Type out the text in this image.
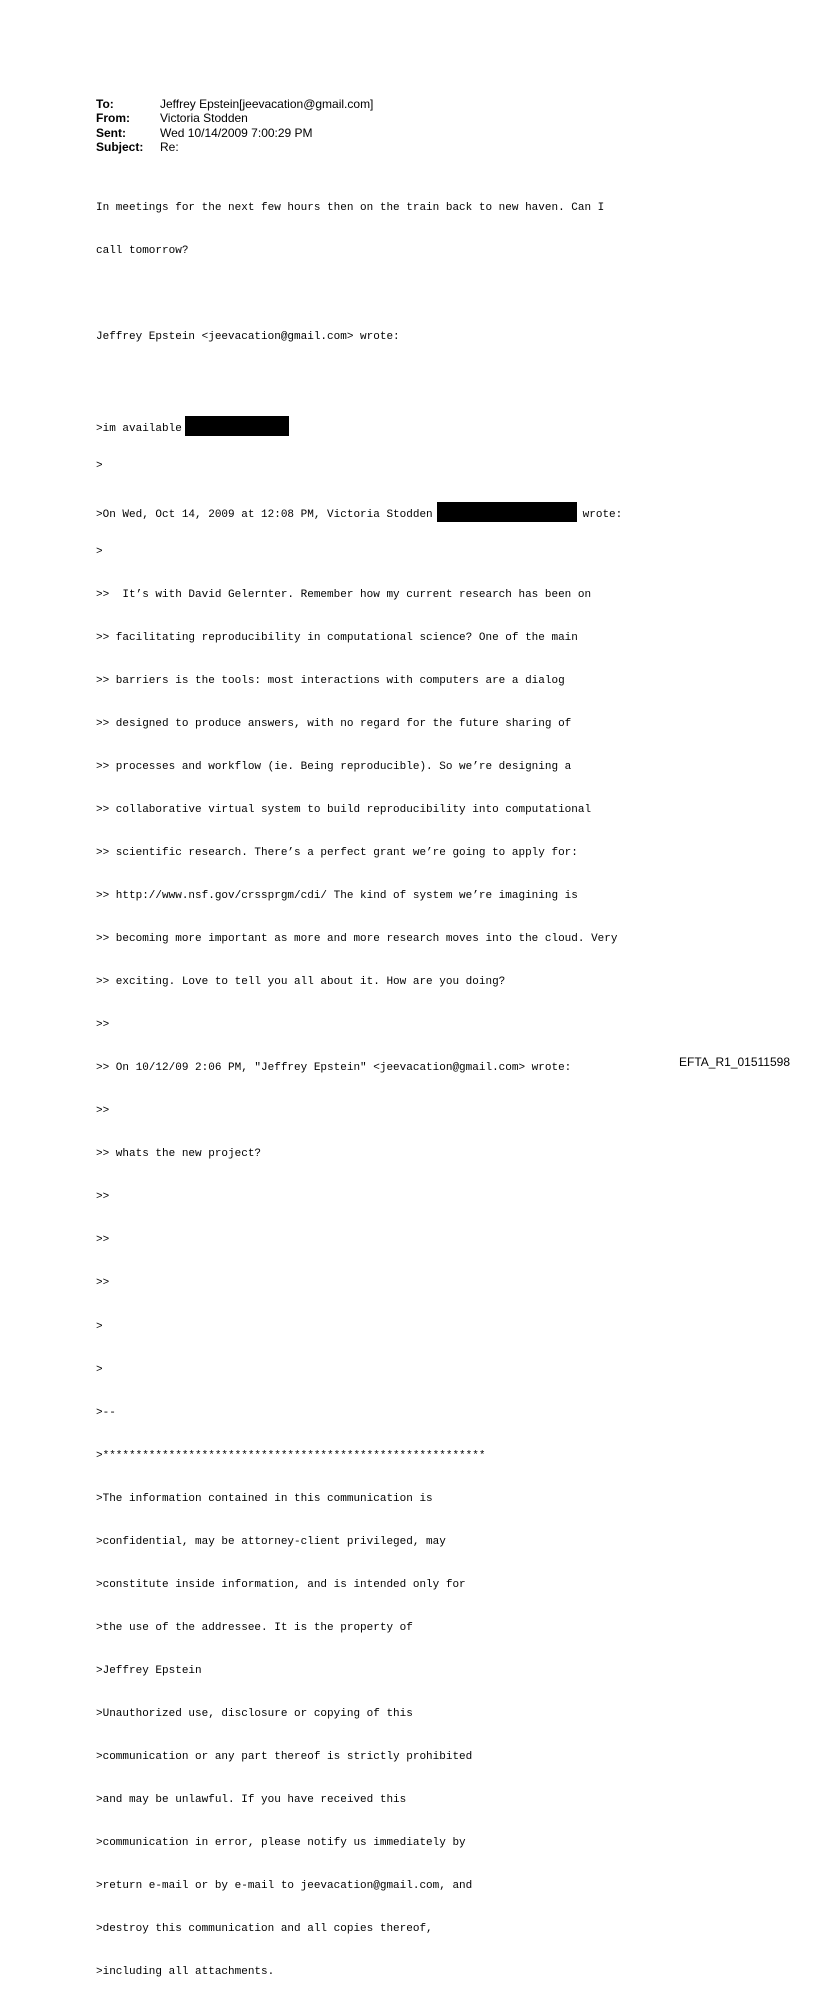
To:	Jeffrey Epstein[jeevacation@gmail.com]
From:	Victoria Stodden
Sent:	Wed 10/14/2009 7:00:29 PM
Subject:	Re:

In meetings for the next few hours then on the train back to new haven. Can I

call tomorrow?

Jeffrey Epstein <jeevacation@gmail.com> wrote:

>im available

>

>On Wed, Oct 14, 2009 at 12:08 PM, Victoria Stodden	wrote:

>

>>  It’s with David Gelernter. Remember how my current research has been on

>> facilitating reproducibility in computational science? One of the main

>> barriers is the tools: most interactions with computers are a dialog

>> designed to produce answers, with no regard for the future sharing of

>> processes and workflow (ie. Being reproducible). So we’re designing a

>> collaborative virtual system to build reproducibility into computational

>> scientific research. There’s a perfect grant we’re going to apply for:

>> http://www.nsf.gov/crssprgm/cdi/ The kind of system we’re imagining is

>> becoming more important as more and more research moves into the cloud. Very

>> exciting. Love to tell you all about it. How are you doing?

>>

>> On 10/12/09 2:06 PM, "Jeffrey Epstein" <jeevacation@gmail.com> wrote:

>>

>> whats the new project?

>>

>>

>>

>

>

>--

>**********************************************************

>The information contained in this communication is

>confidential, may be attorney-client privileged, may

>constitute inside information, and is intended only for

>the use of the addressee. It is the property of

>Jeffrey Epstein

>Unauthorized use, disclosure or copying of this

>communication or any part thereof is strictly prohibited

>and may be unlawful. If you have received this

>communication in error, please notify us immediately by

>return e-mail or by e-mail to jeevacation@gmail.com, and

>destroy this communication and all copies thereof,

>including all attachments.

EFTA_R1_01511598
